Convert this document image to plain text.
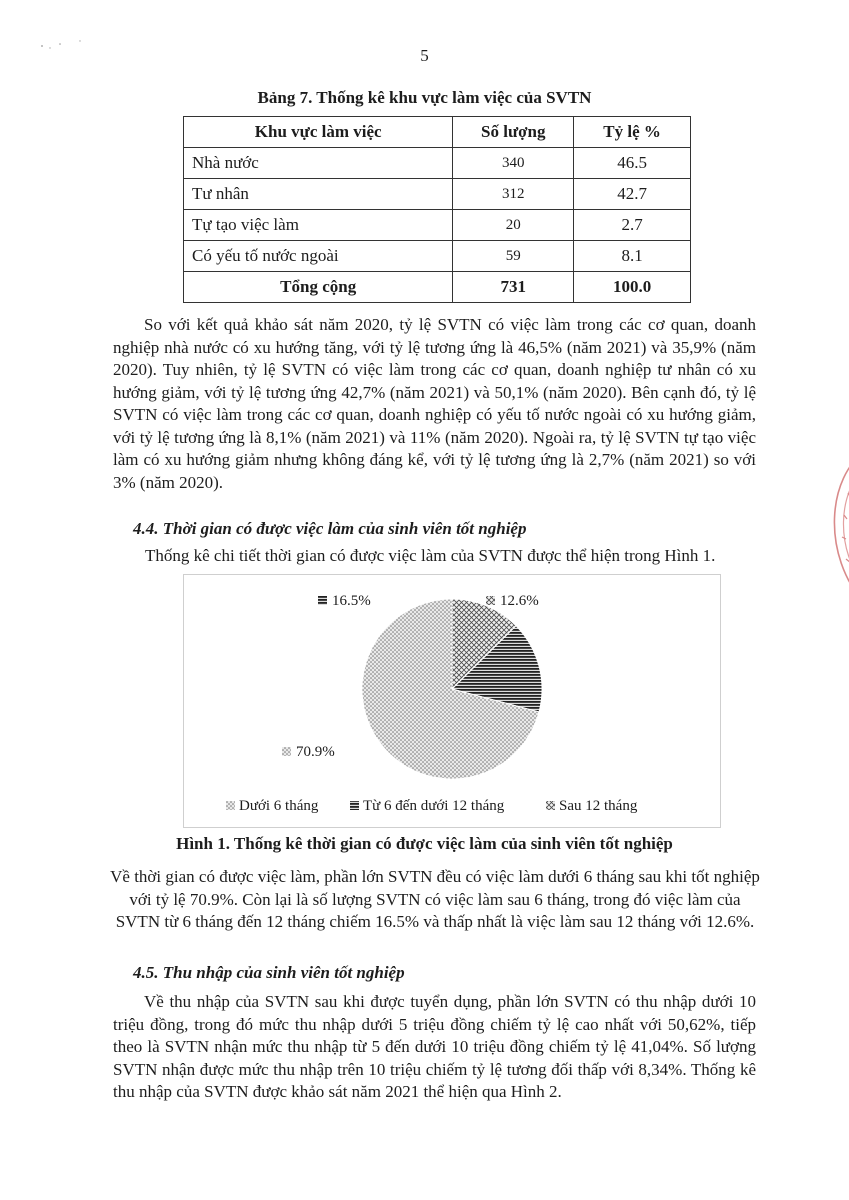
5
Bảng 7. Thống kê khu vực làm việc của SVTN
Khu vực làm việc	Số lượng	Tỷ lệ %
Nhà nước	340	46.5
Tư nhân	312	42.7
Tự tạo việc làm	20	2.7
Có yếu tố nước ngoài	59	8.1
Tổng cộng	731	100.0

So với kết quả khảo sát năm 2020, tỷ lệ SVTN có việc làm trong các cơ quan, doanh nghiệp nhà nước có xu hướng tăng, với tỷ lệ tương ứng là 46,5% (năm 2021) và 35,9% (năm 2020). Tuy nhiên, tỷ lệ SVTN có việc làm trong các cơ quan, doanh nghiệp tư nhân có xu hướng giảm, với tỷ lệ tương ứng 42,7% (năm 2021) và 50,1% (năm 2020). Bên cạnh đó, tỷ lệ SVTN có việc làm trong các cơ quan, doanh nghiệp có yếu tố nước ngoài có xu hướng giảm, với tỷ lệ tương ứng là 8,1% (năm 2021) và 11% (năm 2020). Ngoài ra, tỷ lệ SVTN tự tạo việc làm có xu hướng giảm nhưng không đáng kể, với tỷ lệ tương ứng là 2,7% (năm 2021) so với 3% (năm 2020).

4.4. Thời gian có được việc làm của sinh viên tốt nghiệp

Thống kê chi tiết thời gian có được việc làm của SVTN được thể hiện trong Hình 1.

70.9%
16.5%	12.6%
Dưới 6 tháng	Từ 6 đến dưới 12 tháng	Sau 12 tháng
Hình 1. Thống kê thời gian có được việc làm của sinh viên tốt nghiệp

Về thời gian có được việc làm, phần lớn SVTN đều có việc làm dưới 6 tháng sau khi tốt nghiệp với tỷ lệ 70.9%. Còn lại là số lượng SVTN có việc làm sau 6 tháng, trong đó việc làm của SVTN từ 6 tháng đến 12 tháng chiếm 16.5% và thấp nhất là việc làm sau 12 tháng với 12.6%.

4.5. Thu nhập của sinh viên tốt nghiệp

Về thu nhập của SVTN sau khi được tuyển dụng, phần lớn SVTN có thu nhập dưới 10 triệu đồng, trong đó mức thu nhập dưới 5 triệu đồng chiếm tỷ lệ cao nhất với 50,62%, tiếp theo là SVTN nhận mức thu nhập từ 5 đến dưới 10 triệu đồng chiếm tỷ lệ 41,04%. Số lượng SVTN nhận được mức thu nhập trên 10 triệu chiếm tỷ lệ tương đối thấp với 8,34%. Thống kê thu nhập của SVTN được khảo sát năm 2021 thể hiện qua Hình 2.
